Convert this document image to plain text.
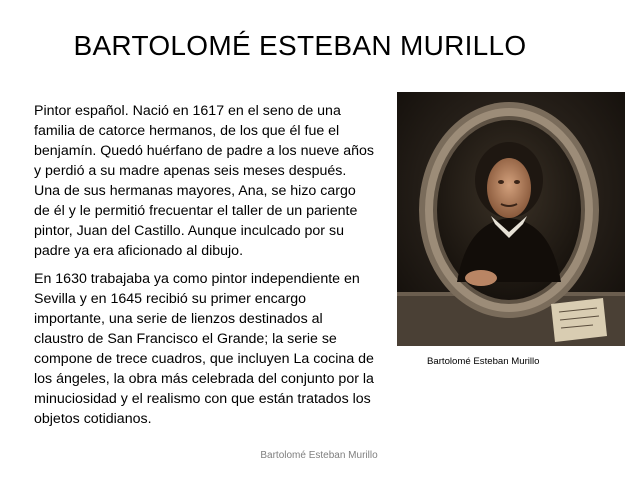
BARTOLOMÉ ESTEBAN MURILLO

Pintor español. Nació en 1617 en el seno de una familia de catorce hermanos, de los que él fue el benjamín. Quedó huérfano de padre a los nueve años y perdió a su madre apenas seis meses después. Una de sus hermanas mayores, Ana, se hizo cargo de él y le permitió frecuentar el taller de un pariente pintor, Juan del Castillo. Aunque inculcado por su padre ya era aficionado al dibujo.

En 1630 trabajaba ya como pintor independiente en Sevilla y en 1645 recibió su primer encargo importante, una serie de lienzos destinados al claustro de San Francisco el Grande; la serie se compone de trece cuadros, que incluyen La cocina de los ángeles, la obra más celebrada del conjunto por la minuciosidad y el realismo con que están tratados los objetos cotidianos.

Bartolomé Esteban Murillo
Bartolomé Esteban Murillo
